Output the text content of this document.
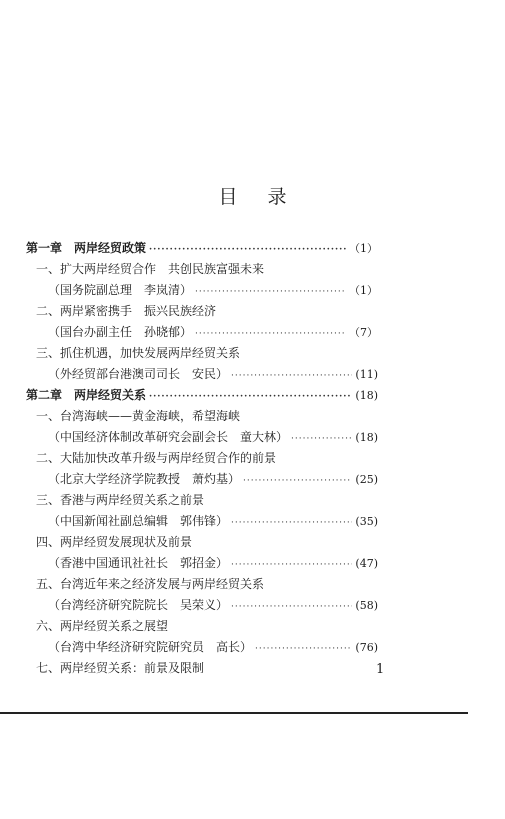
目录
第一章　两岸经贸政策 ·····	（1）
一、扩大两岸经贸合作　共创民族富强未来
（国务院副总理　李岚清） ·····	（1）
二、两岸紧密携手　振兴民族经济
（国台办副主任　孙晓郁） ·····	（7）
三、抓住机遇，加快发展两岸经贸关系
（外经贸部台港澳司司长　安民） ·····	(11)
第二章　两岸经贸关系 ·····	(18)
一、台湾海峡——黄金海峡，希望海峡
（中国经济体制改革研究会副会长　童大林） ·····	(18)
二、大陆加快改革升级与两岸经贸合作的前景
（北京大学经济学院教授　萧灼基） ·····	(25)
三、香港与两岸经贸关系之前景
（中国新闻社副总编辑　郭伟锋） ·····	(35)
四、两岸经贸发展现状及前景
（香港中国通讯社社长　郭招金） ·····	(47)
五、台湾近年来之经济发展与两岸经贸关系
（台湾经济研究院院长　吴荣义） ·····	(58)
六、两岸经贸关系之展望
（台湾中华经济研究院研究员　高长） ·····	(76)
七、两岸经贸关系：前景及限制	1
